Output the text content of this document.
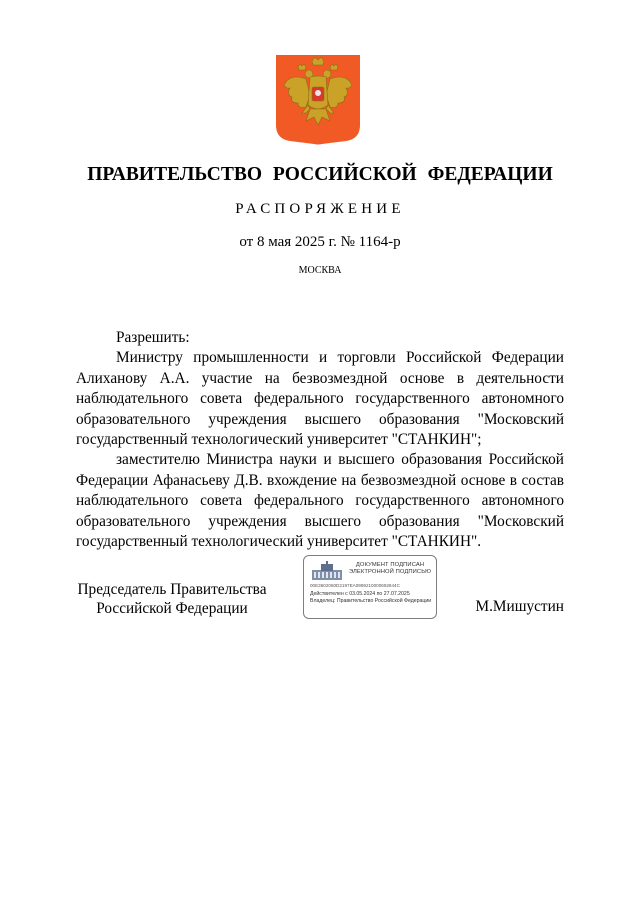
ПРАВИТЕЛЬСТВО РОССИЙСКОЙ ФЕДЕРАЦИИ
РАСПОРЯЖЕНИЕ
от 8 мая 2025 г. № 1164-р
МОСКВА

Разрешить:

Министру промышленности и торговли Российской Федерации Алиханову А.А. участие на безвозмездной основе в деятельности наблюдательного совета федерального государственного автономного образовательного учреждения высшего образования "Московский государственный технологический университет "СТАНКИН";

заместителю Министра науки и высшего образования Российской Федерации Афанасьеву Д.В. вхождение на безвозмездной основе в состав наблюдательного совета федерального государственного автономного образовательного учреждения высшего образования "Московский государственный технологический университет "СТАНКИН".

Председатель Правительства
Российской Федерации
ДОКУМЕНТ ПОДПИСАН
ЭЛЕКТРОННОЙ ПОДПИСЬЮ
00E3602060D2197EA0999210000692844C
Действителен с 03.05.2024 по 27.07.2025
Владелец: Правительство Российской Федерации	М.Мишустин
